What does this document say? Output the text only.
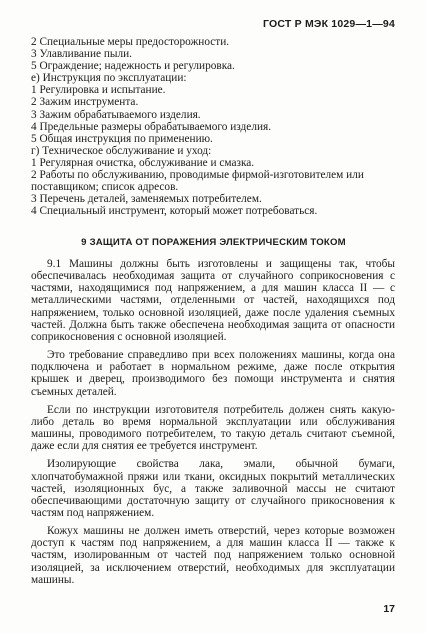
ГОСТ Р МЭК 1029—1—94

2 Специальные меры предосторожности.

3 Улавливание пыли.

5 Ограждение; надежность и регулировка.

е) Инструкция по эксплуатации:

1 Регулировка и испытание.

2 Зажим инструмента.

3 Зажим обрабатываемого изделия.

4 Предельные размеры обрабатываемого изделия.

5 Общая инструкция по применению.

г) Техническое обслуживание и уход:

1 Регулярная очистка, обслуживание и смазка.

2 Работы по обслуживанию, проводимые фирмой-изготовителем или поставщиком; список адресов.

3 Перечень деталей, заменяемых потребителем.

4 Специальный инструмент, который может потребоваться.

9 ЗАЩИТА ОТ ПОРАЖЕНИЯ ЭЛЕКТРИЧЕСКИМ ТОКОМ

9.1 Машины должны быть изготовлены и защищены так, чтобы обеспечивалась необходимая защита от случайного соприкосновения с частями, находящимися под напряжением, а для машин класса II — с металлическими частями, отделенными от частей, находящихся под напряжением, только основной изоляцией, даже после удаления съемных частей. Должна быть также обеспечена необходимая защита от опасности соприкосновения с основной изоляцией.

Это требование справедливо при всех положениях машины, когда она подключена и работает в нормальном режиме, даже после открытия крышек и дверец, производимого без помощи инструмента и снятия съемных деталей.

Если по инструкции изготовителя потребитель должен снять какую-либо деталь во время нормальной эксплуатации или обслуживания машины, проводимого потребителем, то такую деталь считают съемной, даже если для снятия ее требуется инструмент.

Изолирующие свойства лака, эмали, обычной бумаги, хлопчатобумажной пряжи или ткани, оксидных покрытий металлических частей, изоляционных бус, а также заливочной массы не считают обеспечивающими достаточную защиту от случайного прикосновения к частям под напряжением.

Кожух машины не должен иметь отверстий, через которые возможен доступ к частям под напряжением, а для машин класса II — также к частям, изолированным от частей под напряжением только основной изоляцией, за исключением отверстий, необходимых для эксплуатации машины.

17
